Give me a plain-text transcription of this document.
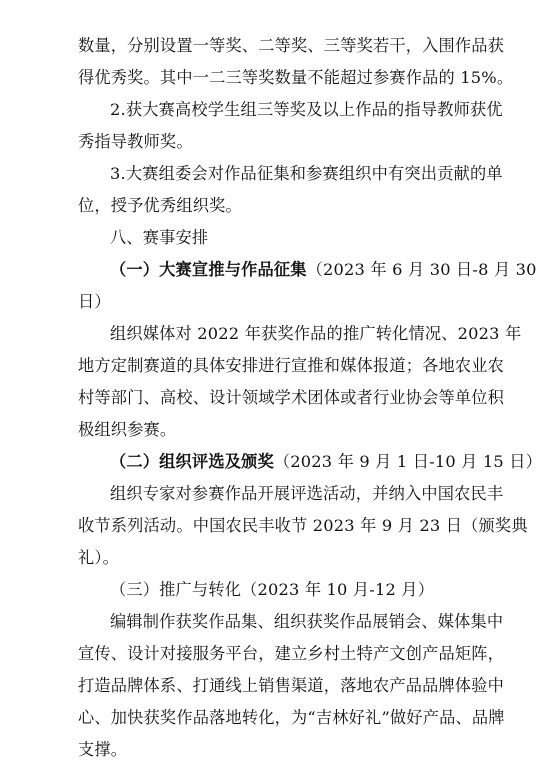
数量，分别设置一等奖、二等奖、三等奖若干，入围作品获
得优秀奖。其中一二三等奖数量不能超过参赛作品的 15%。
2.获大赛高校学生组三等奖及以上作品的指导教师获优
秀指导教师奖。
3.大赛组委会对作品征集和参赛组织中有突出贡献的单
位，授予优秀组织奖。
八、赛事安排
（一）大赛宣推与作品征集（2023 年 6 月 30 日-8 月 30
日）
组织媒体对 2022 年获奖作品的推广转化情况、2023 年
地方定制赛道的具体安排进行宣推和媒体报道；各地农业农
村等部门、高校、设计领域学术团体或者行业协会等单位积
极组织参赛。
（二）组织评选及颁奖（2023 年 9 月 1 日-10 月 15 日）
组织专家对参赛作品开展评选活动，并纳入中国农民丰
收节系列活动。中国农民丰收节 2023 年 9 月 23 日（颁奖典
礼）。
（三）推广与转化（2023 年 10 月-12 月）
编辑制作获奖作品集、组织获奖作品展销会、媒体集中
宣传、设计对接服务平台，建立乡村土特产文创产品矩阵，
打造品牌体系、打通线上销售渠道，落地农产品品牌体验中
心、加快获奖作品落地转化，为“吉林好礼”做好产品、品牌
支撑。
